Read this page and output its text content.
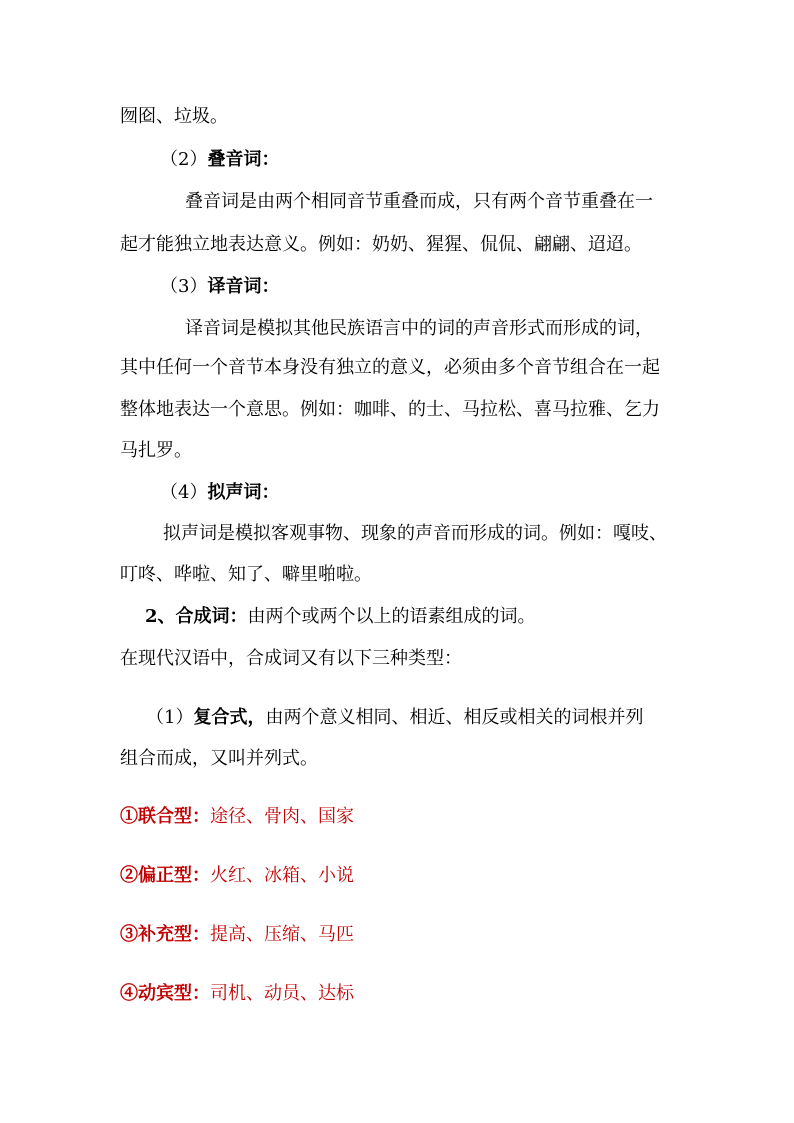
囫囵、垃圾。
（2）叠音词：
叠音词是由两个相同音节重叠而成，只有两个音节重叠在一
起才能独立地表达意义。例如：奶奶、猩猩、侃侃、翩翩、迢迢。
（3）译音词：
译音词是模拟其他民族语言中的词的声音形式而形成的词，
其中任何一个音节本身没有独立的意义，必须由多个音节组合在一起
整体地表达一个意思。例如：咖啡、的士、马拉松、喜马拉雅、乞力
马扎罗。
（4）拟声词：
拟声词是模拟客观事物、现象的声音而形成的词。例如：嘎吱、
叮咚、哗啦、知了、噼里啪啦。
2、合成词：由两个或两个以上的语素组成的词。
在现代汉语中，合成词又有以下三种类型：
（1）复合式，由两个意义相同、相近、相反或相关的词根并列
组合而成，又叫并列式。
①联合型：途径、骨肉、国家
②偏正型：火红、冰箱、小说
③补充型：提高、压缩、马匹
④动宾型：司机、动员、达标
